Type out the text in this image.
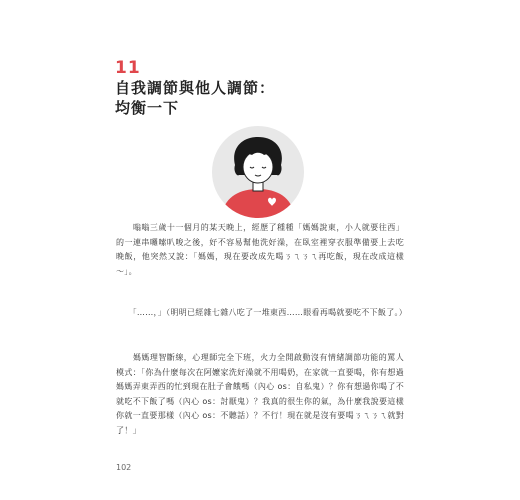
11
自我調節與他人調節：
均衡一下
　　嗡嗡三歲十一個月的某天晚上，經歷了種種「媽媽說東，小人就要往西」的一連串囉嗦叭唆之後，好不容易幫他洗好澡，在臥室裡穿衣服準備要上去吃晚飯，他突然又說：「媽媽，現在要改成先喝ㄋㄟㄋㄟ再吃飯，現在改成這樣～」。
　　「……，」（明明已經雜七雜八吃了一堆東西……眼看再喝就要吃不下飯了。）
　　媽媽理智斷線，心理師完全下班，火力全開啟動沒有情緒調節功能的罵人模式：「你為什麼每次在阿嬤家洗好澡就不用喝奶，在家就一直要喝，你有想過媽媽弄東弄西的忙到現在肚子會餓嗎（內心 os：自私鬼）？你有想過你喝了不就吃不下飯了嗎（內心 os：討厭鬼）？我真的很生你的氣，為什麼我說要這樣你就一直要那樣（內心 os：不聽話）？不行！現在就是沒有要喝ㄋㄟㄋㄟ就對了！」
102
